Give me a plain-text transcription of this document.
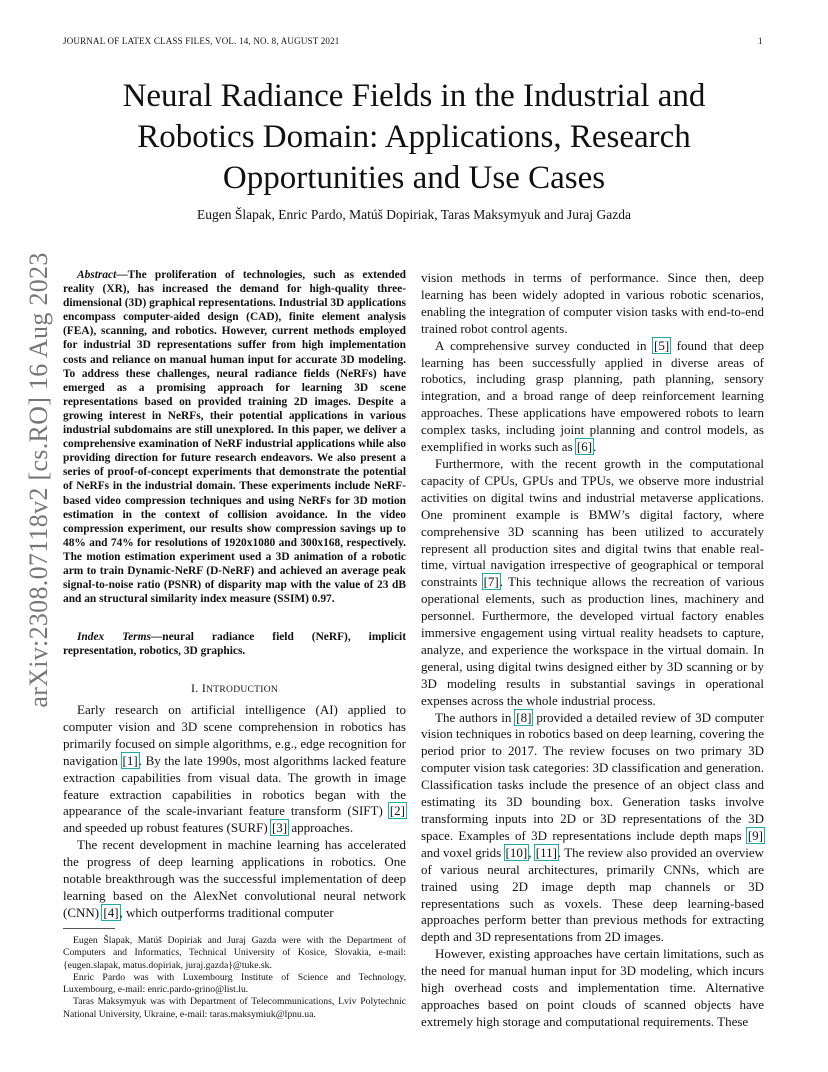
JOURNAL OF LATEX CLASS FILES, VOL. 14, NO. 8, AUGUST 2021	1
arXiv:2308.07118v2 [cs.RO] 16 Aug 2023
Neural Radiance Fields in the Industrial and
Robotics Domain: Applications, Research
Opportunities and Use Cases
Eugen Šlapak, Enric Pardo, Matúš Dopiriak, Taras Maksymyuk and Juraj Gazda

Abstract—The proliferation of technologies, such as extended reality (XR), has increased the demand for high-quality three-dimensional (3D) graphical representations. Industrial 3D applications encompass computer-aided design (CAD), finite element analysis (FEA), scanning, and robotics. However, current methods employed for industrial 3D representations suffer from high implementation costs and reliance on manual human input for accurate 3D modeling. To address these challenges, neural radiance fields (NeRFs) have emerged as a promising approach for learning 3D scene representations based on provided training 2D images. Despite a growing interest in NeRFs, their potential applications in various industrial subdomains are still unexplored. In this paper, we deliver a comprehensive examination of NeRF industrial applications while also providing direction for future research endeavors. We also present a series of proof-of-concept experiments that demonstrate the potential of NeRFs in the industrial domain. These experiments include NeRF-based video compression techniques and using NeRFs for 3D motion estimation in the context of collision avoidance. In the video compression experiment, our results show compression savings up to 48% and 74% for resolutions of 1920x1080 and 300x168, respectively. The motion estimation experiment used a 3D animation of a robotic arm to train Dynamic-NeRF (D-NeRF) and achieved an average peak signal-to-noise ratio (PSNR) of disparity map with the value of 23 dB and an structural similarity index measure (SSIM) 0.97.

Index Terms—neural radiance field (NeRF), implicit representation, robotics, 3D graphics.

I. INTRODUCTION

Early research on artificial intelligence (AI) applied to computer vision and 3D scene comprehension in robotics has primarily focused on simple algorithms, e.g., edge recognition for navigation [1]. By the late 1990s, most algorithms lacked feature extraction capabilities from visual data. The growth in image feature extraction capabilities in robotics began with the appearance of the scale-invariant feature transform (SIFT) [2] and speeded up robust features (SURF) [3] approaches.

The recent development in machine learning has accelerated the progress of deep learning applications in robotics. One notable breakthrough was the successful implementation of deep learning based on the AlexNet convolutional neural network (CNN) [4], which outperforms traditional computer

Eugen Šlapak, Matúš Dopiriak and Juraj Gazda were with the Department of Computers and Informatics, Technical University of Kosice, Slovakia, e-mail:{eugen.slapak, matus.dopiriak, juraj.gazda}@tuke.sk.

Enric Pardo was with Luxembourg Institute of Science and Technology, Luxembourg, e-mail: enric.pardo-grino@list.lu.

Taras Maksymyuk was with Department of Telecommunications, Lviv Polytechnic National University, Ukraine, e-mail: taras.maksymiuk@lpnu.ua.

vision methods in terms of performance. Since then, deep learning has been widely adopted in various robotic scenarios, enabling the integration of computer vision tasks with end-to-end trained robot control agents.

A comprehensive survey conducted in [5] found that deep learning has been successfully applied in diverse areas of robotics, including grasp planning, path planning, sensory integration, and a broad range of deep reinforcement learning approaches. These applications have empowered robots to learn complex tasks, including joint planning and control models, as exemplified in works such as [6].

Furthermore, with the recent growth in the computational capacity of CPUs, GPUs and TPUs, we observe more industrial activities on digital twins and industrial metaverse applications. One prominent example is BMW’s digital factory, where comprehensive 3D scanning has been utilized to accurately represent all production sites and digital twins that enable real-time, virtual navigation irrespective of geographical or temporal constraints [7]. This technique allows the recreation of various operational elements, such as production lines, machinery and personnel. Furthermore, the developed virtual factory enables immersive engagement using virtual reality headsets to capture, analyze, and experience the workspace in the virtual domain. In general, using digital twins designed either by 3D scanning or by 3D modeling results in substantial savings in operational expenses across the whole industrial process.

The authors in [8] provided a detailed review of 3D computer vision techniques in robotics based on deep learning, covering the period prior to 2017. The review focuses on two primary 3D computer vision task categories: 3D classification and generation. Classification tasks include the presence of an object class and estimating its 3D bounding box. Generation tasks involve transforming inputs into 2D or 3D representations of the 3D space. Examples of 3D representations include depth maps [9] and voxel grids [10], [11]. The review also provided an overview of various neural architectures, primarily CNNs, which are trained using 2D image depth map channels or 3D representations such as voxels. These deep learning-based approaches perform better than previous methods for extracting depth and 3D representations from 2D images.

However, existing approaches have certain limitations, such as the need for manual human input for 3D modeling, which incurs high overhead costs and implementation time. Alternative approaches based on point clouds of scanned objects have extremely high storage and computational requirements. These
